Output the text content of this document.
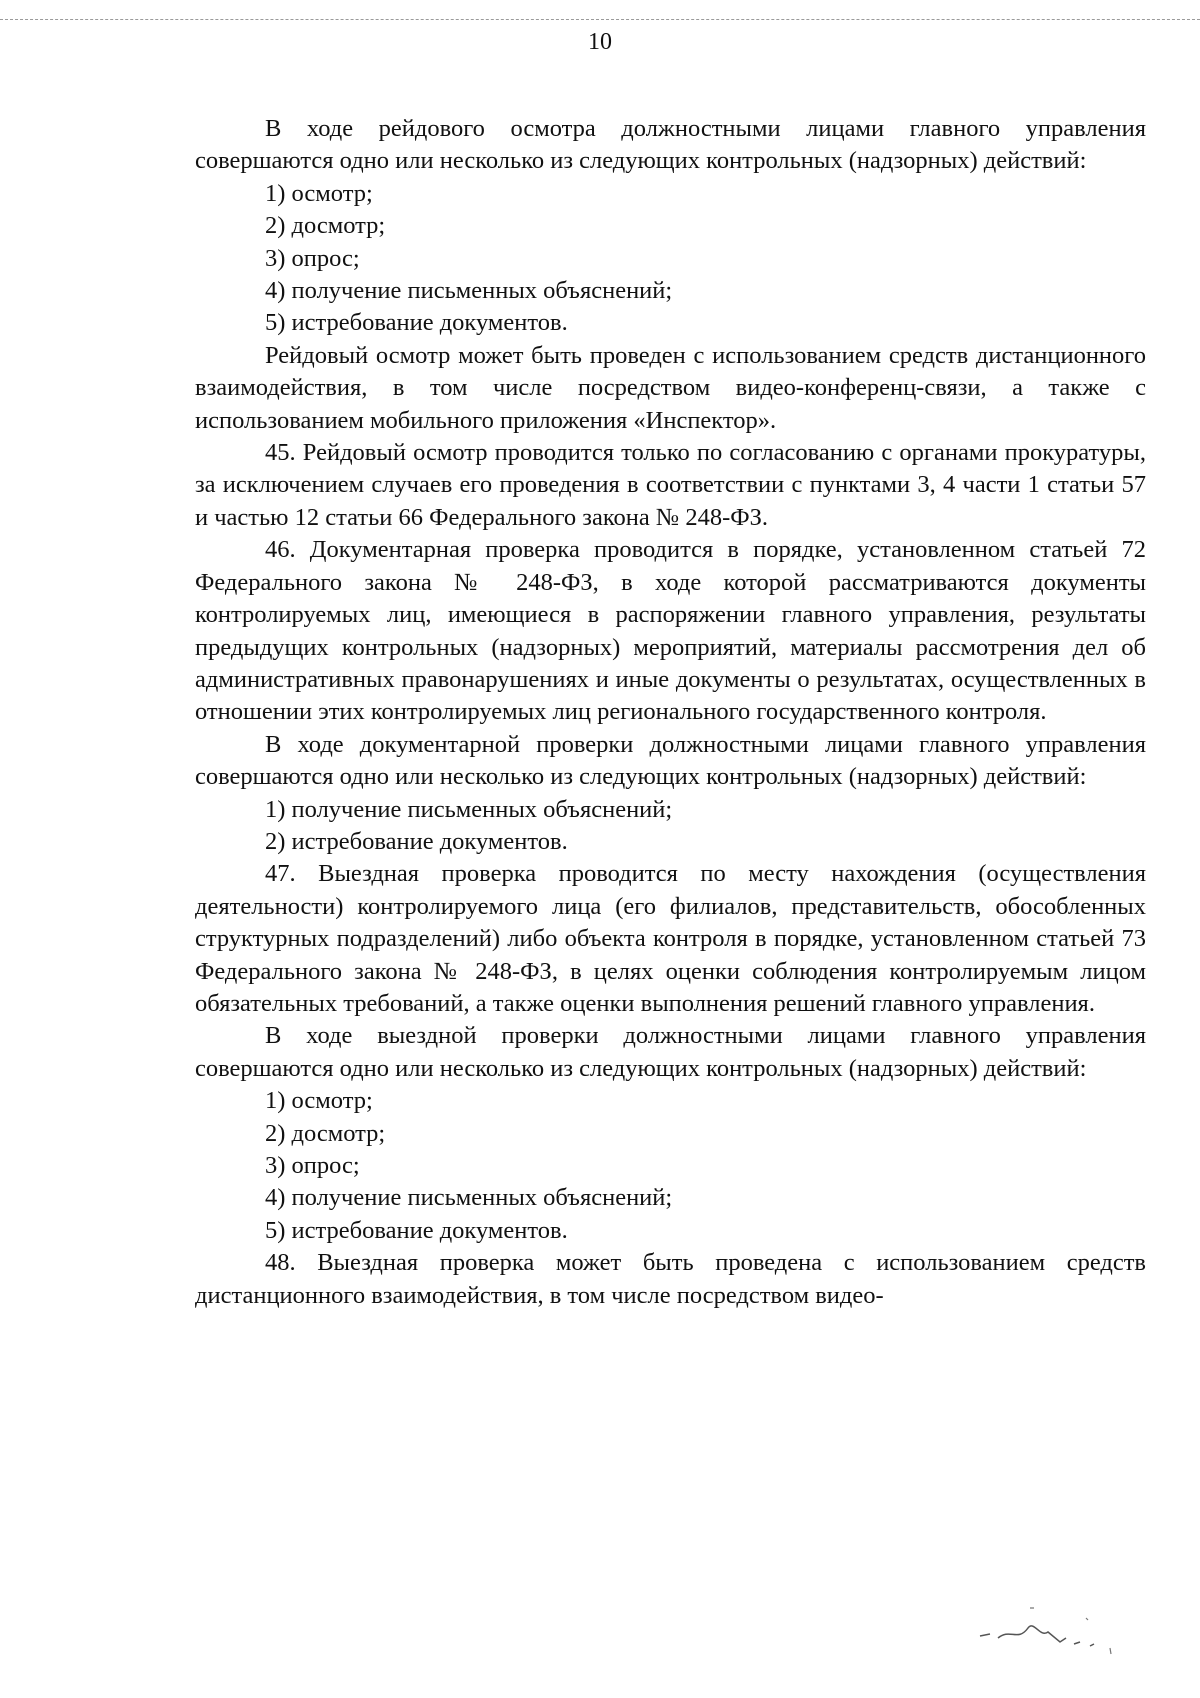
10

В ходе рейдового осмотра должностными лицами главного управления совершаются одно или несколько из следующих контрольных (надзорных) действий:

1) осмотр;

2) досмотр;

3) опрос;

4) получение письменных объяснений;

5) истребование документов.

Рейдовый осмотр может быть проведен с использованием средств дистанционного взаимодействия, в том числе посредством видео-конференц-связи, а также с использованием мобильного приложения «Инспектор».

45. Рейдовый осмотр проводится только по согласованию с органами прокуратуры, за исключением случаев его проведения в соответствии с пунктами 3, 4 части 1 статьи 57 и частью 12 статьи 66 Федерального закона № 248-ФЗ.

46. Документарная проверка проводится в порядке, установленном статьей 72 Федерального закона № 248-ФЗ, в ходе которой рассматриваются документы контролируемых лиц, имеющиеся в распоряжении главного управления, результаты предыдущих контрольных (надзорных) мероприятий, материалы рассмотрения дел об административных правонарушениях и иные документы о результатах, осуществленных в отношении этих контролируемых лиц регионального государственного контроля.

В ходе документарной проверки должностными лицами главного управления совершаются одно или несколько из следующих контрольных (надзорных) действий:

1) получение письменных объяснений;

2) истребование документов.

47. Выездная проверка проводится по месту нахождения (осуществления деятельности) контролируемого лица (его филиалов, представительств, обособленных структурных подразделений) либо объекта контроля в порядке, установленном статьей 73 Федерального закона № 248-ФЗ, в целях оценки соблюдения контролируемым лицом обязательных требований, а также оценки выполнения решений главного управления.

В ходе выездной проверки должностными лицами главного управления совершаются одно или несколько из следующих контрольных (надзорных) действий:

1) осмотр;

2) досмотр;

3) опрос;

4) получение письменных объяснений;

5) истребование документов.

48. Выездная проверка может быть проведена с использованием средств дистанционного взаимодействия, в том числе посредством видео-
